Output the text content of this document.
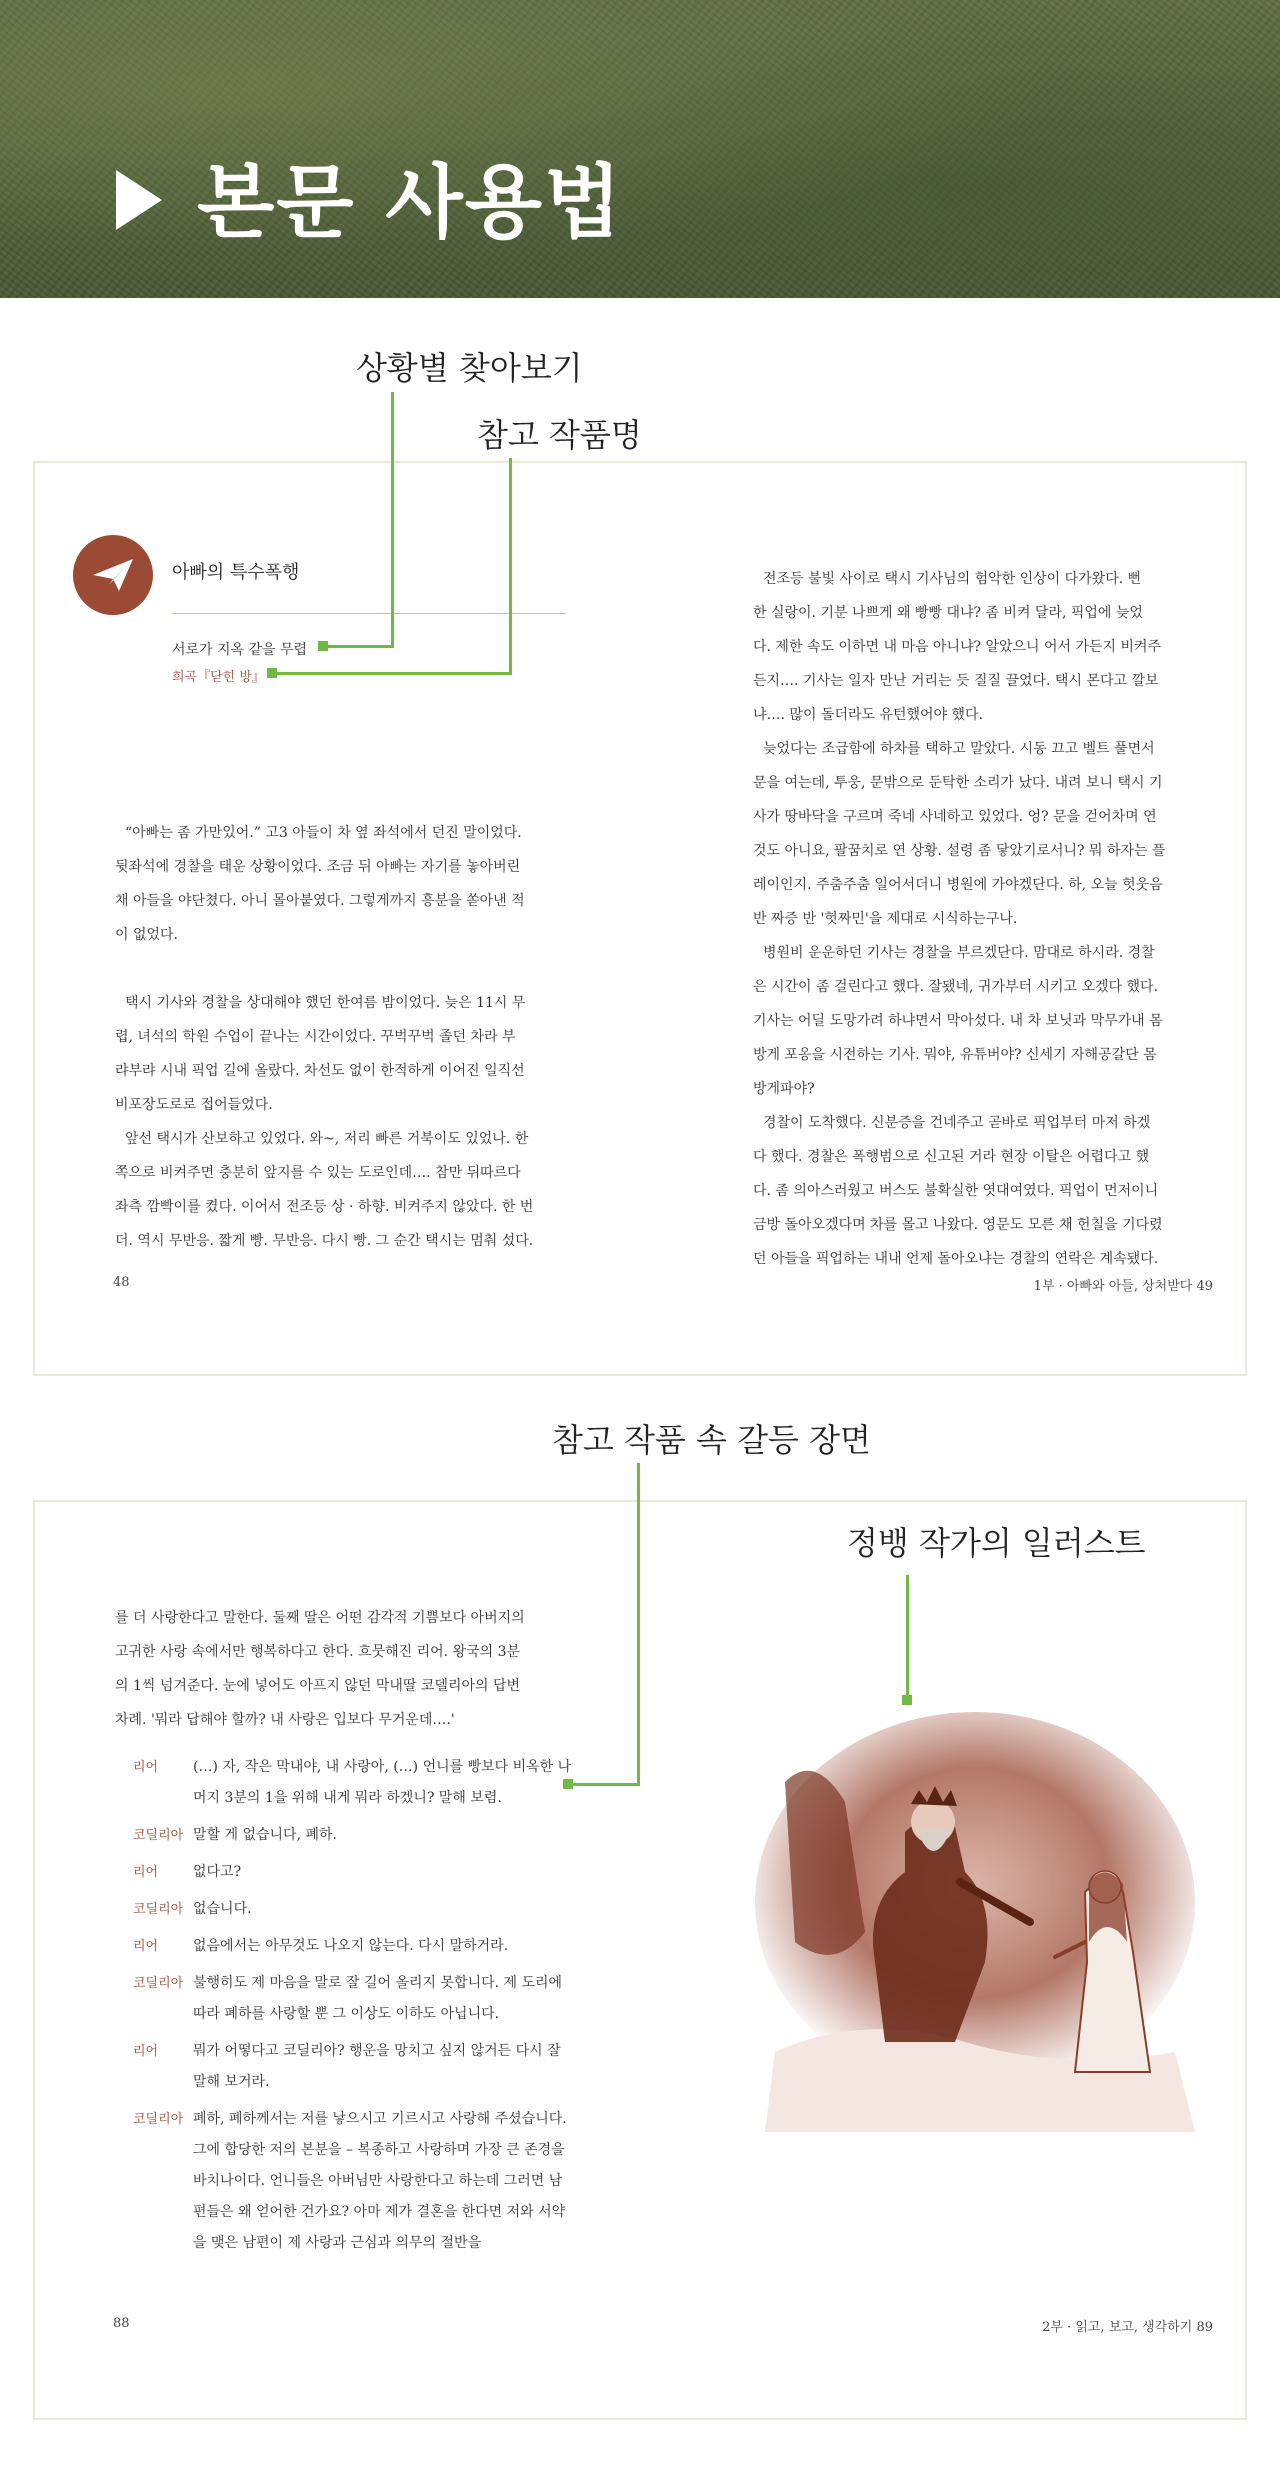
본문 사용법
상황별 찾아보기
참고 작품명
아빠의 특수폭행
서로가 지옥 같을 무렵
희곡『닫힌 방』

“아빠는 좀 가만있어.” 고3 아들이 차 옆 좌석에서 던진 말이었다.

뒷좌석에 경찰을 태운 상황이었다. 조금 뒤 아빠는 자기를 놓아버린

채 아들을 야단쳤다. 아니 몰아붙였다. 그렇게까지 흥분을 쏟아낸 적

이 없었다.

택시 기사와 경찰을 상대해야 했던 한여름 밤이었다. 늦은 11시 무

렵, 녀석의 학원 수업이 끝나는 시간이었다. 꾸벅꾸벅 졸던 차라 부

랴부랴 시내 픽업 길에 올랐다. 차선도 없이 한적하게 이어진 일직선

비포장도로로 접어들었다.

앞선 택시가 산보하고 있었다. 와~, 저리 빠른 거북이도 있었나. 한

쪽으로 비켜주면 충분히 앞지를 수 있는 도로인데…. 참만 뒤따르다

좌측 깜빡이를 켰다. 이어서 전조등 상 · 하향. 비켜주지 않았다. 한 번

더. 역시 무반응. 짧게 빵. 무반응. 다시 빵. 그 순간 택시는 멈춰 섰다.

전조등 불빛 사이로 택시 기사님의 험악한 인상이 다가왔다. 뻔

한 실랑이. 기분 나쁘게 왜 빵빵 대냐? 좀 비켜 달라, 픽업에 늦었

다. 제한 속도 이하면 내 마음 아니냐? 알았으니 어서 가든지 비켜주

든지…. 기사는 일자 만난 거리는 듯 질질 끌었다. 택시 몬다고 깔보

냐…. 많이 돌더라도 유턴했어야 했다.

늦었다는 조급함에 하차를 택하고 말았다. 시동 끄고 벨트 풀면서

문을 여는데, 투웅, 문밖으로 둔탁한 소리가 났다. 내려 보니 택시 기

사가 땅바닥을 구르며 죽네 사네하고 있었다. 엉? 문을 걷어차며 연

것도 아니요, 팔꿈치로 연 상황. 설령 좀 닿았기로서니? 뭐 하자는 플

레이인지. 주춤주춤 일어서더니 병원에 가야겠단다. 하, 오늘 헛웃음

반 짜증 반 '헛짜민'을 제대로 시식하는구나.

병원비 운운하던 기사는 경찰을 부르겠단다. 맘대로 하시라. 경찰

은 시간이 좀 걸린다고 했다. 잘됐네, 귀가부터 시키고 오겠다 했다.

기사는 어딜 도망가려 하냐면서 막아섰다. 내 차 보닛과 막무가내 몸

방게 포옹을 시전하는 기사. 뭐야, 유튜버야? 신세기 자해공갈단 몸

방게파야?

경찰이 도착했다. 신분증을 건네주고 곧바로 픽업부터 마저 하겠

다 했다. 경찰은 폭행범으로 신고된 거라 현장 이탈은 어렵다고 했

다. 좀 의아스러웠고 버스도 불확실한 엿대여였다. 픽업이 먼저이니

금방 돌아오겠다며 차를 몰고 나왔다. 영문도 모른 채 헌칠을 기다렸

던 아들을 픽업하는 내내 언제 돌아오냐는 경찰의 연락은 계속됐다.

48	1부 · 아빠와 아들, 상처받다 49
참고 작품 속 갈등 장면
정뱅 작가의 일러스트

를 더 사랑한다고 말한다. 둘째 딸은 어떤 감각적 기쁨보다 아버지의

고귀한 사랑 속에서만 행복하다고 한다. 흐뭇해진 리어. 왕국의 3분

의 1씩 넘겨준다. 눈에 넣어도 아프지 않던 막내딸 코델리아의 답변

차례. '뭐라 답해야 할까? 내 사랑은 입보다 무거운데….'

리어	(…) 자, 작은 막내야, 내 사랑아, (…) 언니를 빵보다 비옥한 나머지 3분의 1을 위해 내게 뭐라 하겠니? 말해 보렴.
코딜리아 말할 게 없습니다, 폐하.
리어	없다고?
코딜리아 없습니다.
리어	없음에서는 아무것도 나오지 않는다. 다시 말하거라.
코딜리아 불행히도 제 마음을 말로 잘 길어 올리지 못합니다. 제 도리에 따라 폐하를 사랑할 뿐 그 이상도 이하도 아닙니다.
리어	뭐가 어떻다고 코딜리아? 행운을 망치고 싶지 않거든 다시 잘 말해 보거라.
코딜리아 폐하, 폐하께서는 저를 낳으시고 기르시고 사랑해 주셨습니다. 그에 합당한 저의 본분을 – 복종하고 사랑하며 가장 큰 존경을 바치나이다. 언니들은 아버님만 사랑한다고 하는데 그러면 남편들은 왜 얻어한 건가요? 아마 제가 결혼을 한다면 저와 서약을 맺은 남편이 제 사랑과 근심과 의무의 절반을
88	2부 · 읽고, 보고, 생각하기 89
